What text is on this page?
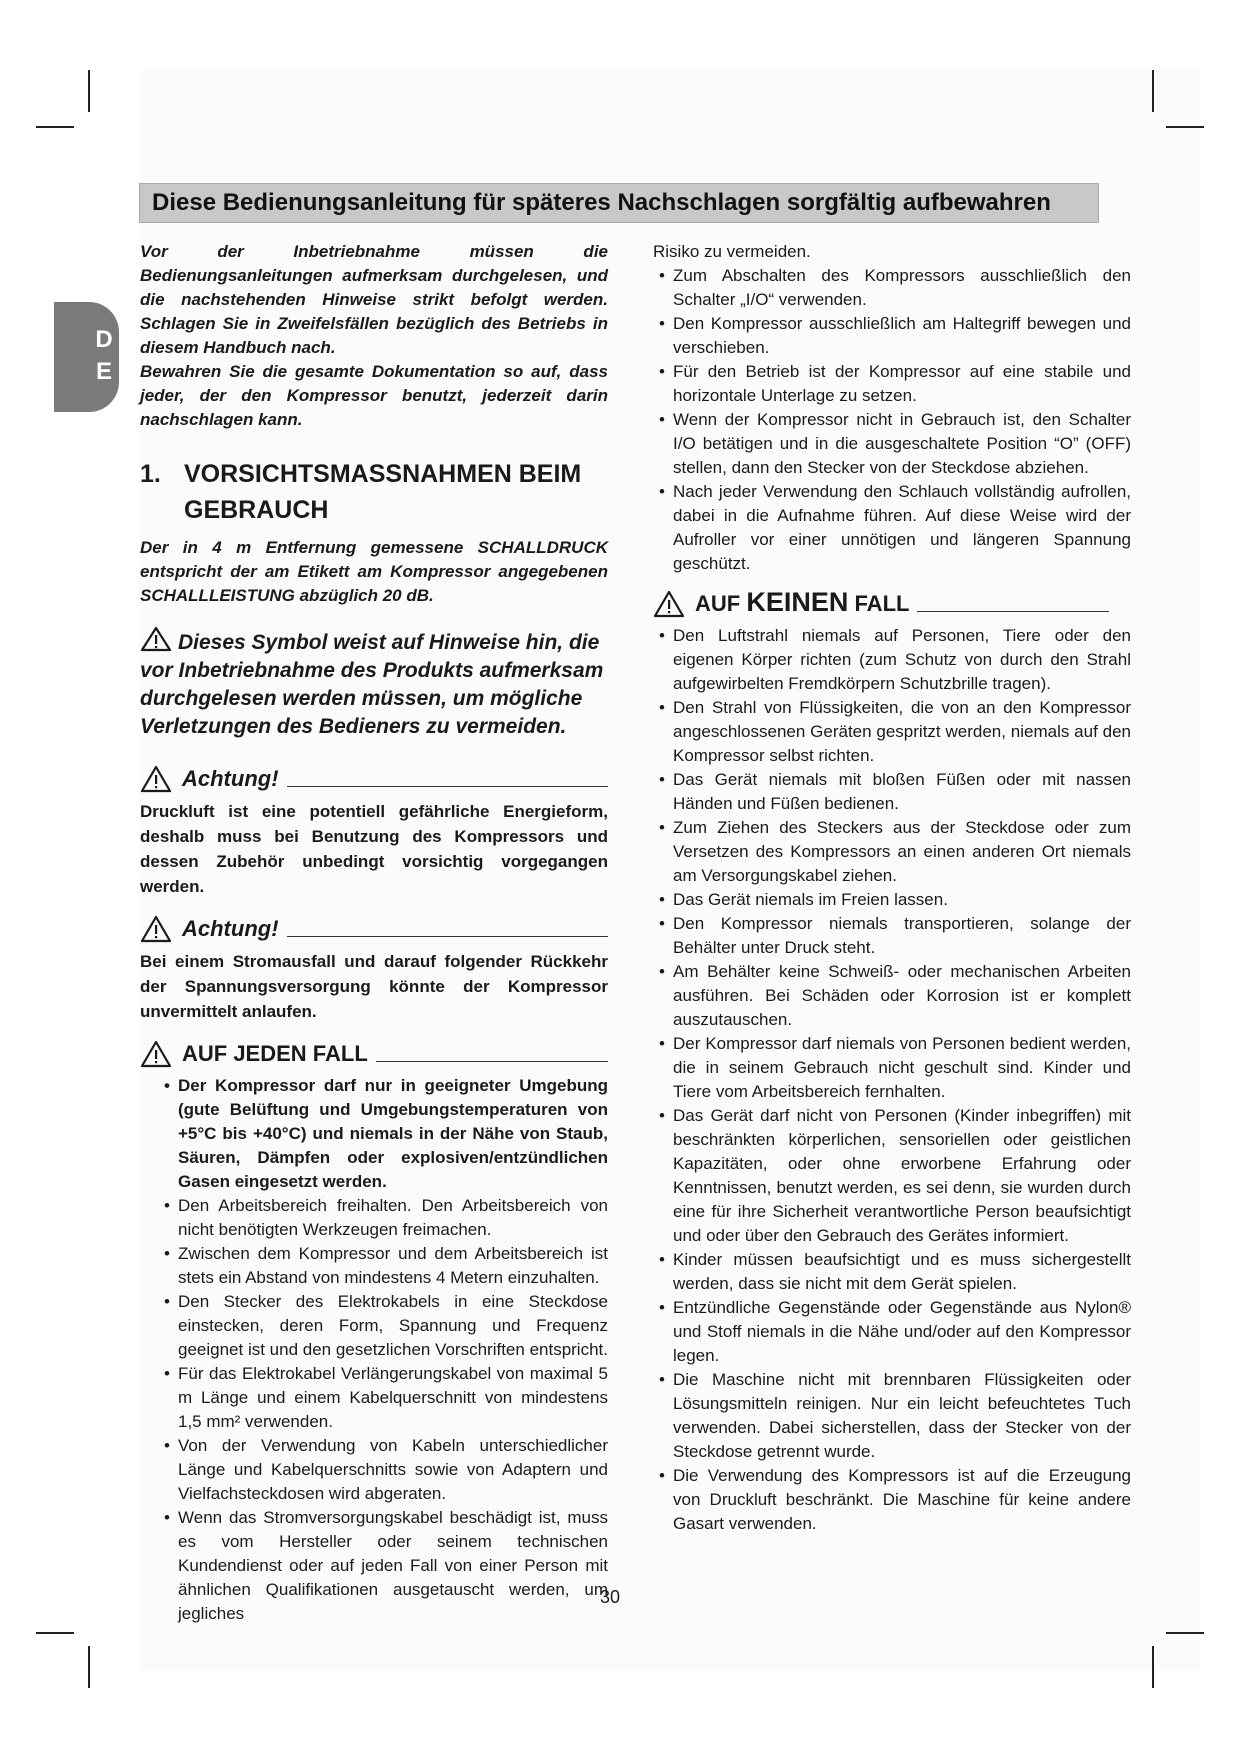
Diese Bedienungsanleitung für späteres Nachschlagen sorgfältig aufbewahren
D
E

Vor der Inbetriebnahme müssen die Bedienungsanleitungen aufmerksam durchgelesen, und die nachstehenden Hinweise strikt befolgt werden. Schlagen Sie in Zweifelsfällen bezüglich des Betriebs in diesem Handbuch nach.

Bewahren Sie die gesamte Dokumentation so auf, dass jeder, der den Kompressor benutzt, jederzeit darin nachschlagen kann.

1. VORSICHTSMASSNAHMEN BEIM
GEBRAUCH

Der in 4 m Entfernung gemessene SCHALLDRUCK entspricht der am Etikett am Kompressor angegebenen SCHALLLEISTUNG abzüglich 20 dB.

Dieses Symbol weist auf Hinweise hin, die vor Inbetriebnahme des Produkts aufmerksam durchgelesen werden müssen, um mögliche Verletzungen des Bedieners zu vermeiden.

Achtung!

Druckluft ist eine potentiell gefährliche Energieform, deshalb muss bei Benutzung des Kompressors und dessen Zubehör unbedingt vorsichtig vorgegangen werden.

Achtung!

Bei einem Stromausfall und darauf folgender Rückkehr der Spannungsversorgung könnte der Kompressor unvermittelt anlaufen.

AUF JEDEN FALL
• Der Kompressor darf nur in geeigneter Umgebung (gute Belüftung und Umgebungstemperaturen von +5°C bis +40°C) und niemals in der Nähe von Staub, Säuren, Dämpfen oder explosiven/entzündlichen Gasen eingesetzt werden.
• Den Arbeitsbereich freihalten. Den Arbeitsbereich von nicht benötigten Werkzeugen freimachen.
• Zwischen dem Kompressor und dem Arbeitsbereich ist stets ein Abstand von mindestens 4 Metern einzuhalten.
• Den Stecker des Elektrokabels in eine Steckdose einstecken, deren Form, Spannung und Frequenz geeignet ist und den gesetzlichen Vorschriften entspricht.
• Für das Elektrokabel Verlängerungskabel von maximal 5 m Länge und einem Kabelquerschnitt von mindestens 1,5 mm² verwenden.
• Von der Verwendung von Kabeln unterschiedlicher Länge und Kabelquerschnitts sowie von Adaptern und Vielfachsteckdosen wird abgeraten.
• Wenn das Stromversorgungskabel beschädigt ist, muss es vom Hersteller oder seinem technischen Kundendienst oder auf jeden Fall von einer Person mit ähnlichen Qualifikationen ausgetauscht werden, um jegliches

Risiko zu vermeiden.

• Zum Abschalten des Kompressors ausschließlich den Schalter „I/O“ verwenden.
• Den Kompressor ausschließlich am Haltegriff bewegen und verschieben.
• Für den Betrieb ist der Kompressor auf eine stabile und horizontale Unterlage zu setzen.
• Wenn der Kompressor nicht in Gebrauch ist, den Schalter I/O betätigen und in die ausgeschaltete Position “O” (OFF) stellen, dann den Stecker von der Steckdose abziehen.
• Nach jeder Verwendung den Schlauch vollständig aufrollen, dabei in die Aufnahme führen. Auf diese Weise wird der Aufroller vor einer unnötigen und längeren Spannung geschützt.
AUF KEINEN FALL
• Den Luftstrahl niemals auf Personen, Tiere oder den eigenen Körper richten (zum Schutz von durch den Strahl aufgewirbelten Fremdkörpern Schutzbrille tragen).
• Den Strahl von Flüssigkeiten, die von an den Kompressor angeschlossenen Geräten gespritzt werden, niemals auf den Kompressor selbst richten.
• Das Gerät niemals mit bloßen Füßen oder mit nassen Händen und Füßen bedienen.
• Zum Ziehen des Steckers aus der Steckdose oder zum Versetzen des Kompressors an einen anderen Ort niemals am Versorgungskabel ziehen.
• Das Gerät niemals im Freien lassen.
• Den Kompressor niemals transportieren, solange der Behälter unter Druck steht.
• Am Behälter keine Schweiß- oder mechanischen Arbeiten ausführen. Bei Schäden oder Korrosion ist er komplett auszutauschen.
• Der Kompressor darf niemals von Personen bedient werden, die in seinem Gebrauch nicht geschult sind. Kinder und Tiere vom Arbeitsbereich fernhalten.
• Das Gerät darf nicht von Personen (Kinder inbegriffen) mit beschränkten körperlichen, sensoriellen oder geistlichen Kapazitäten, oder ohne erworbene Erfahrung oder Kenntnissen, benutzt werden, es sei denn, sie wurden durch eine für ihre Sicherheit verantwortliche Person beaufsichtigt und oder über den Gebrauch des Gerätes informiert.
• Kinder müssen beaufsichtigt und es muss sichergestellt werden, dass sie nicht mit dem Gerät spielen.
• Entzündliche Gegenstände oder Gegenstände aus Nylon® und Stoff niemals in die Nähe und/oder auf den Kompressor legen.
• Die Maschine nicht mit brennbaren Flüssigkeiten oder Lösungsmitteln reinigen. Nur ein leicht befeuchtetes Tuch verwenden. Dabei sicherstellen, dass der Stecker von der Steckdose getrennt wurde.
• Die Verwendung des Kompressors ist auf die Erzeugung von Druckluft beschränkt. Die Maschine für keine andere Gasart verwenden.
30
